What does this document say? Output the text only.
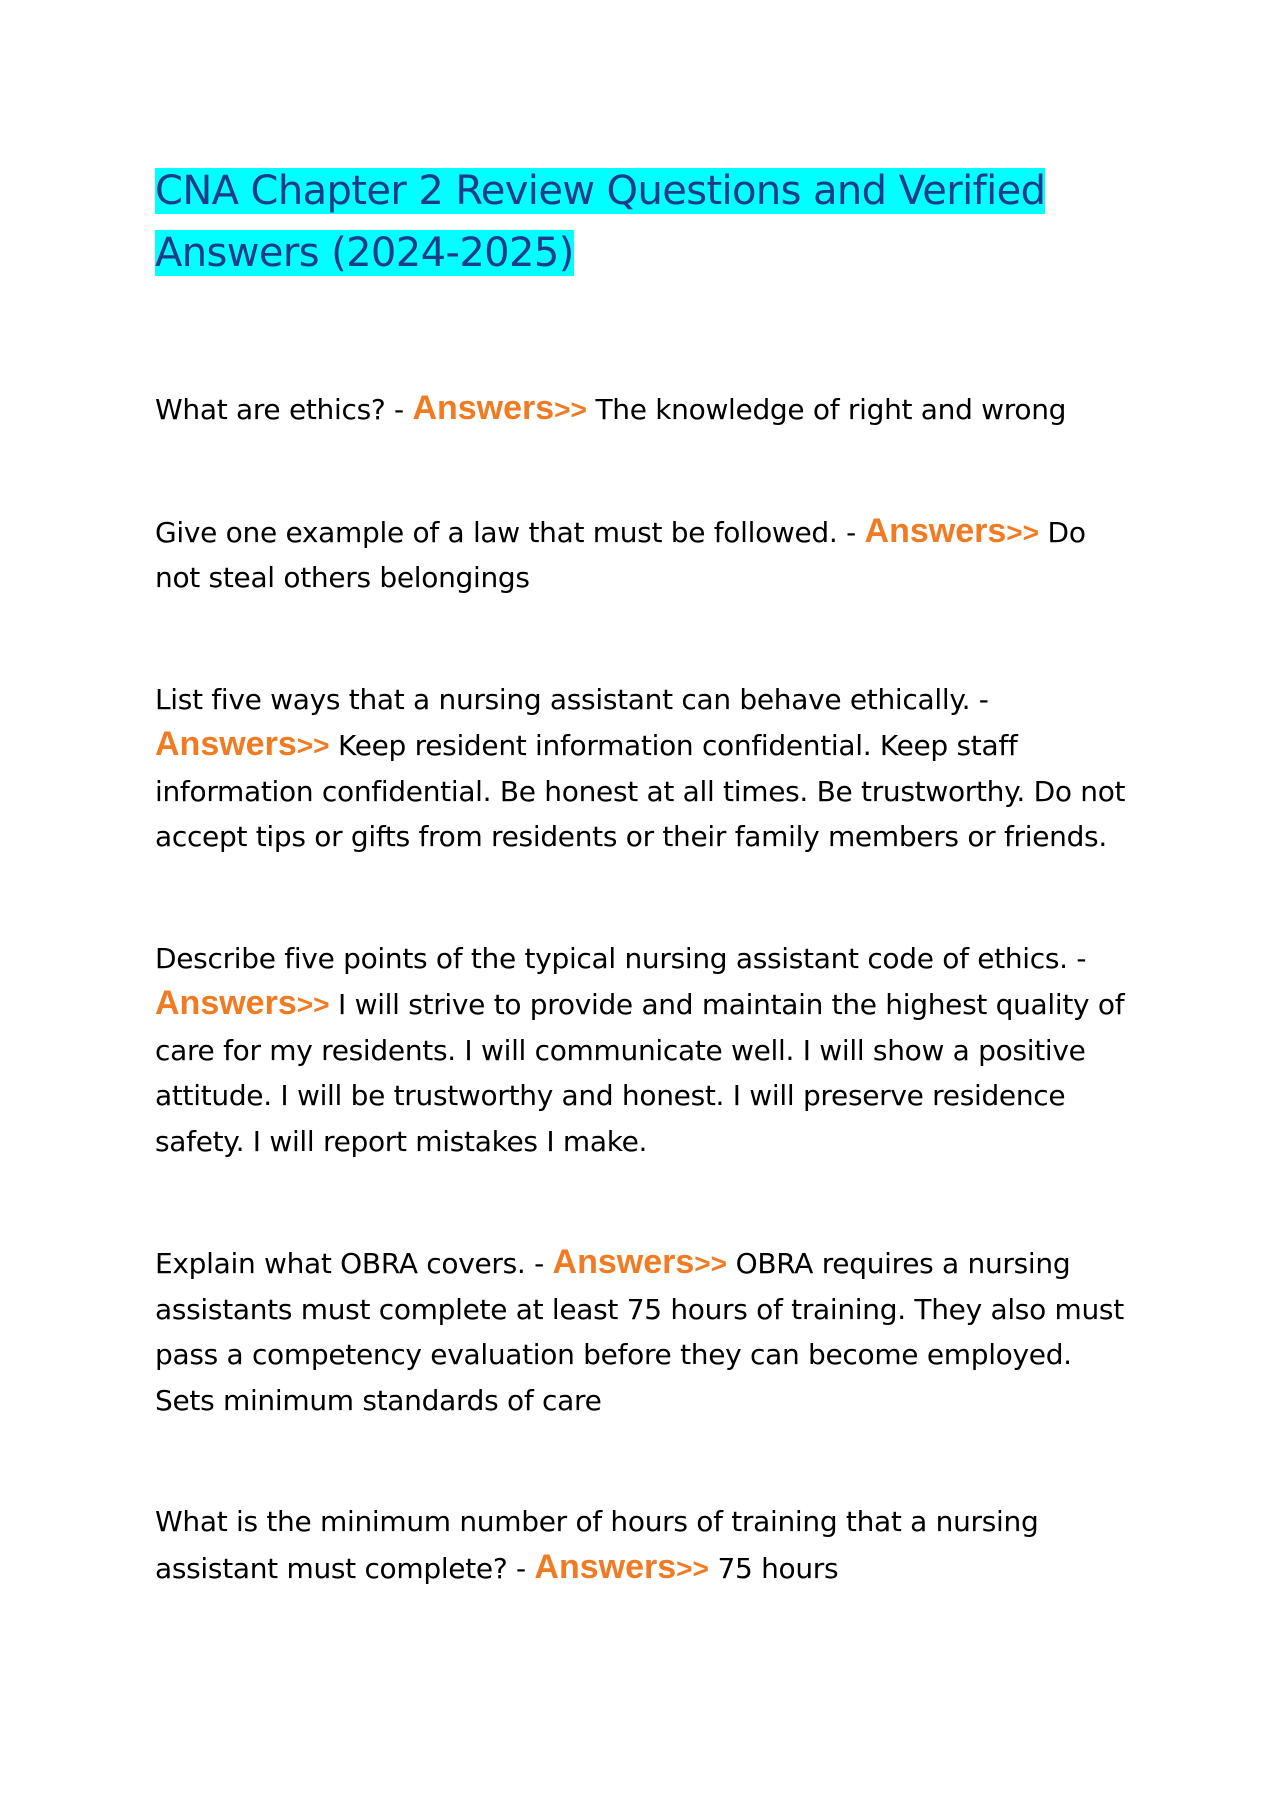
CNA Chapter 2 Review Questions and Verified Answers (2024-2025)

What are ethics? - Answers>> The knowledge of right and wrong

Give one example of a law that must be followed. - Answers>> Do not steal others belongings

List five ways that a nursing assistant can behave ethically. - Answers>> Keep resident information confidential. Keep staff information confidential. Be honest at all times. Be trustworthy. Do not accept tips or gifts from residents or their family members or friends.

Describe five points of the typical nursing assistant code of ethics. - Answers>> I will strive to provide and maintain the highest quality of care for my residents. I will communicate well. I will show a positive attitude. I will be trustworthy and honest. I will preserve residence safety. I will report mistakes I make.

Explain what OBRA covers. - Answers>> OBRA requires a nursing assistants must complete at least 75 hours of training. They also must pass a competency evaluation before they can become employed. Sets minimum standards of care

What is the minimum number of hours of training that a nursing assistant must complete? - Answers>> 75 hours
